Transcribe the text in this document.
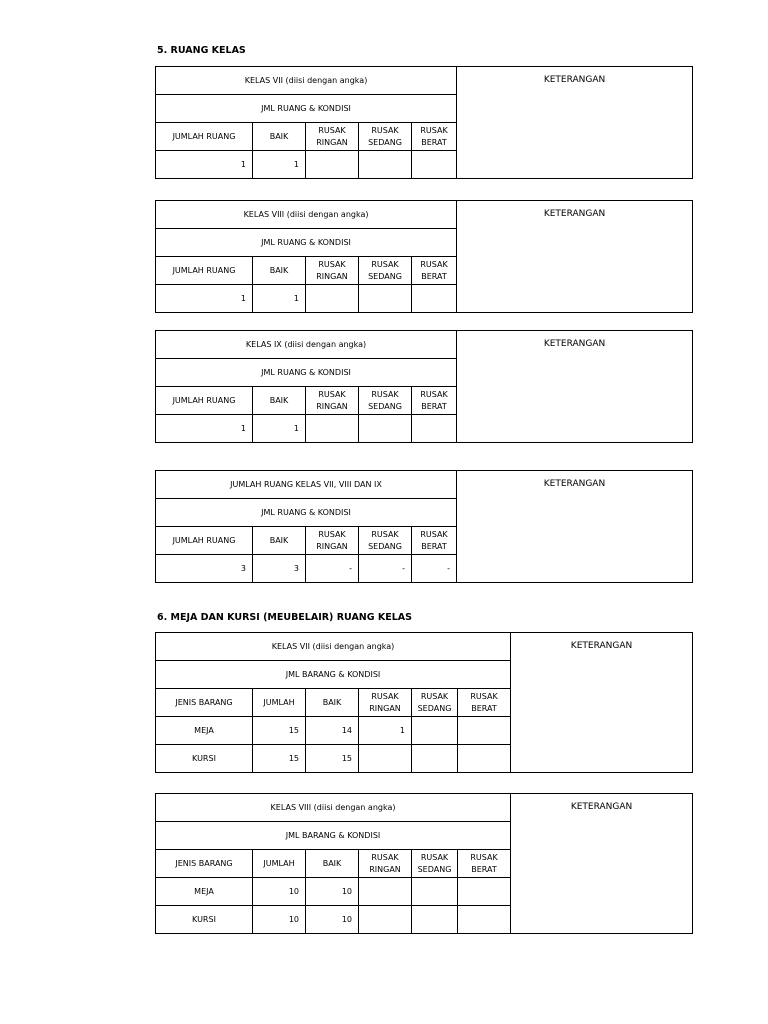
5. RUANG KELAS
KELAS VII (diisi dengan angka)					KETERANGAN
JML RUANG & KONDISI					
JUMLAH RUANG	BAIK	RUSAK RINGAN	RUSAK SEDANG	RUSAK BERAT	
1	1				
KELAS VIII (diisi dengan angka)					KETERANGAN
JML RUANG & KONDISI					
JUMLAH RUANG	BAIK	RUSAK RINGAN	RUSAK SEDANG	RUSAK BERAT	
1	1				
KELAS IX (diisi dengan angka)					KETERANGAN
JML RUANG & KONDISI					
JUMLAH RUANG	BAIK	RUSAK RINGAN	RUSAK SEDANG	RUSAK BERAT	
1	1				
JUMLAH RUANG KELAS VII, VIII DAN IX					KETERANGAN
JML RUANG & KONDISI					
JUMLAH RUANG	BAIK	RUSAK RINGAN	RUSAK SEDANG	RUSAK BERAT	
3	3	-	-	-	
6. MEJA DAN KURSI (MEUBELAIR) RUANG KELAS
KELAS VII (diisi dengan angka)						KETERANGAN
JML BARANG & KONDISI						
JENIS BARANG	JUMLAH	BAIK	RUSAK RINGAN	RUSAK SEDANG	RUSAK BERAT	
MEJA	15	14	1			
KURSI	15	15				
KELAS VIII (diisi dengan angka)						KETERANGAN
JML BARANG & KONDISI						
JENIS BARANG	JUMLAH	BAIK	RUSAK RINGAN	RUSAK SEDANG	RUSAK BERAT	
MEJA	10	10				
KURSI	10	10				
